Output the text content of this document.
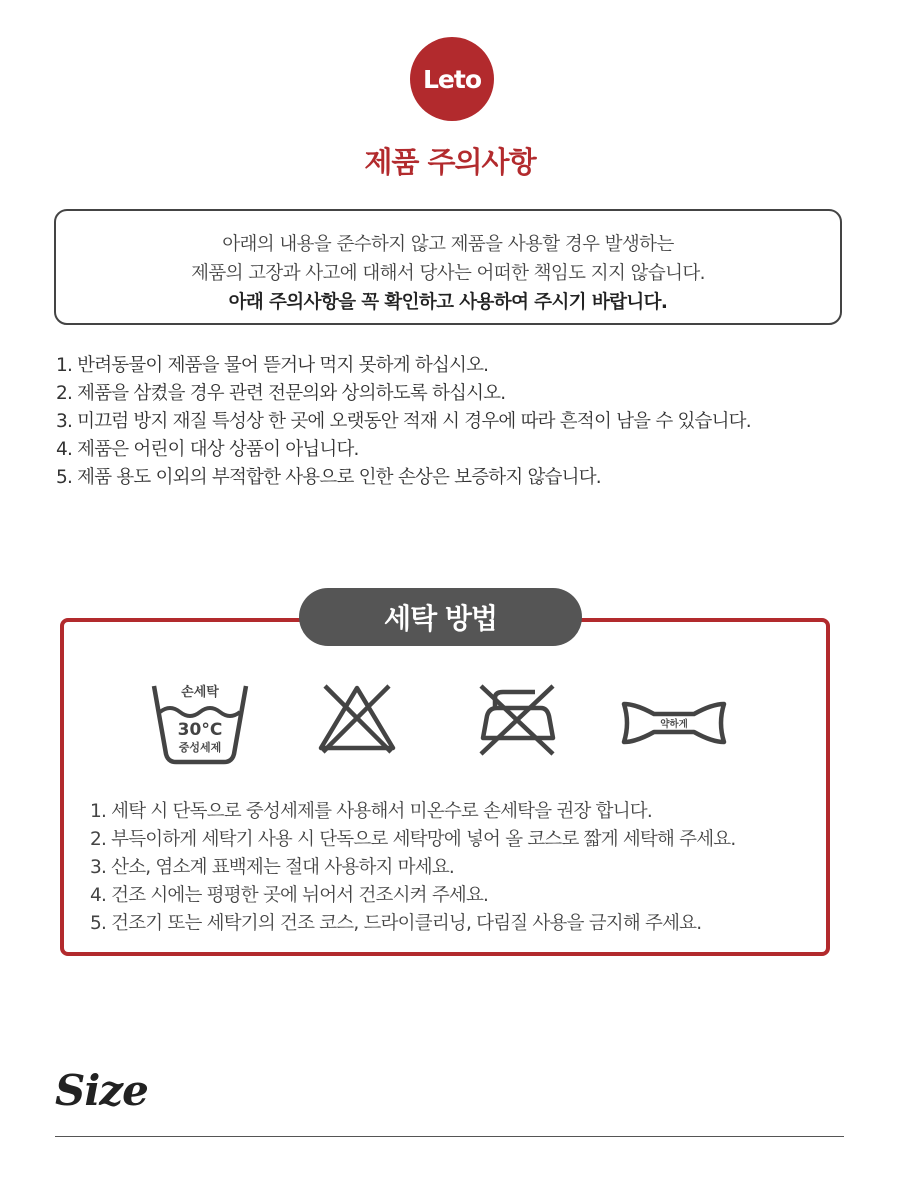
Leto
제품 주의사항
아래의 내용을 준수하지 않고 제품을 사용할 경우 발생하는
제품의 고장과 사고에 대해서 당사는 어떠한 책임도 지지 않습니다.
아래 주의사항을 꼭 확인하고 사용하여 주시기 바랍니다.
1. 반려동물이 제품을 물어 뜯거나 먹지 못하게 하십시오.
2. 제품을 삼켰을 경우 관련 전문의와 상의하도록 하십시오.
3. 미끄럼 방지 재질 특성상 한 곳에 오랫동안 적재 시 경우에 따라 흔적이 남을 수 있습니다.
4. 제품은 어린이 대상 상품이 아닙니다.
5. 제품 용도 이외의 부적합한 사용으로 인한 손상은 보증하지 않습니다.
세탁 방법
손세탁
30°C
중성세제
약하게
1. 세탁 시 단독으로 중성세제를 사용해서 미온수로 손세탁을 권장 합니다.
2. 부득이하게 세탁기 사용 시 단독으로 세탁망에 넣어 올 코스로 짧게 세탁해 주세요.
3. 산소, 염소계 표백제는 절대 사용하지 마세요.
4. 건조 시에는 평평한 곳에 뉘어서 건조시켜 주세요.
5. 건조기 또는 세탁기의 건조 코스, 드라이클리닝, 다림질 사용을 금지해 주세요.
Size
